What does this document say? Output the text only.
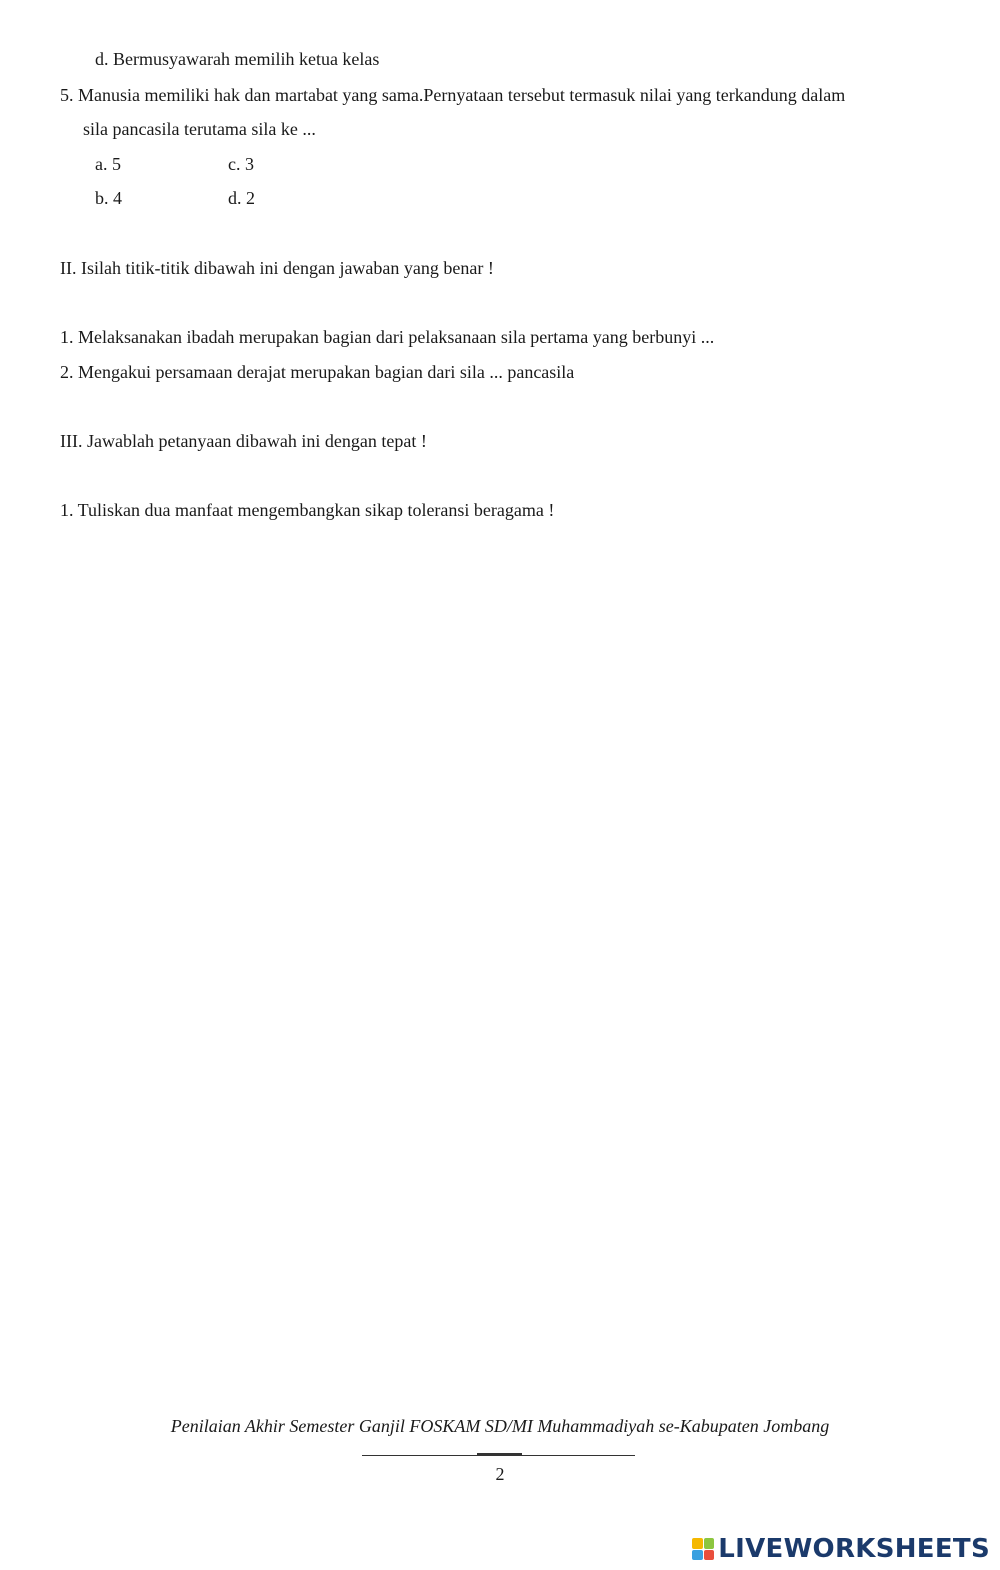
d. Bermusyawarah memilih ketua kelas
5. Manusia memiliki hak dan martabat yang sama.Pernyataan tersebut termasuk nilai yang terkandung dalam
sila pancasila terutama sila ke ...
a. 5	c. 3
b. 4	d. 2
II. Isilah titik-titik dibawah ini dengan jawaban yang benar !
1. Melaksanakan ibadah merupakan bagian dari pelaksanaan sila pertama yang berbunyi ...
2. Mengakui persamaan derajat merupakan bagian dari sila ... pancasila
III. Jawablah petanyaan dibawah ini dengan tepat !
1. Tuliskan dua manfaat mengembangkan sikap toleransi beragama !
Penilaian Akhir Semester Ganjil FOSKAM SD/MI Muhammadiyah se-Kabupaten Jombang
2
LIVEWORKSHEETS
